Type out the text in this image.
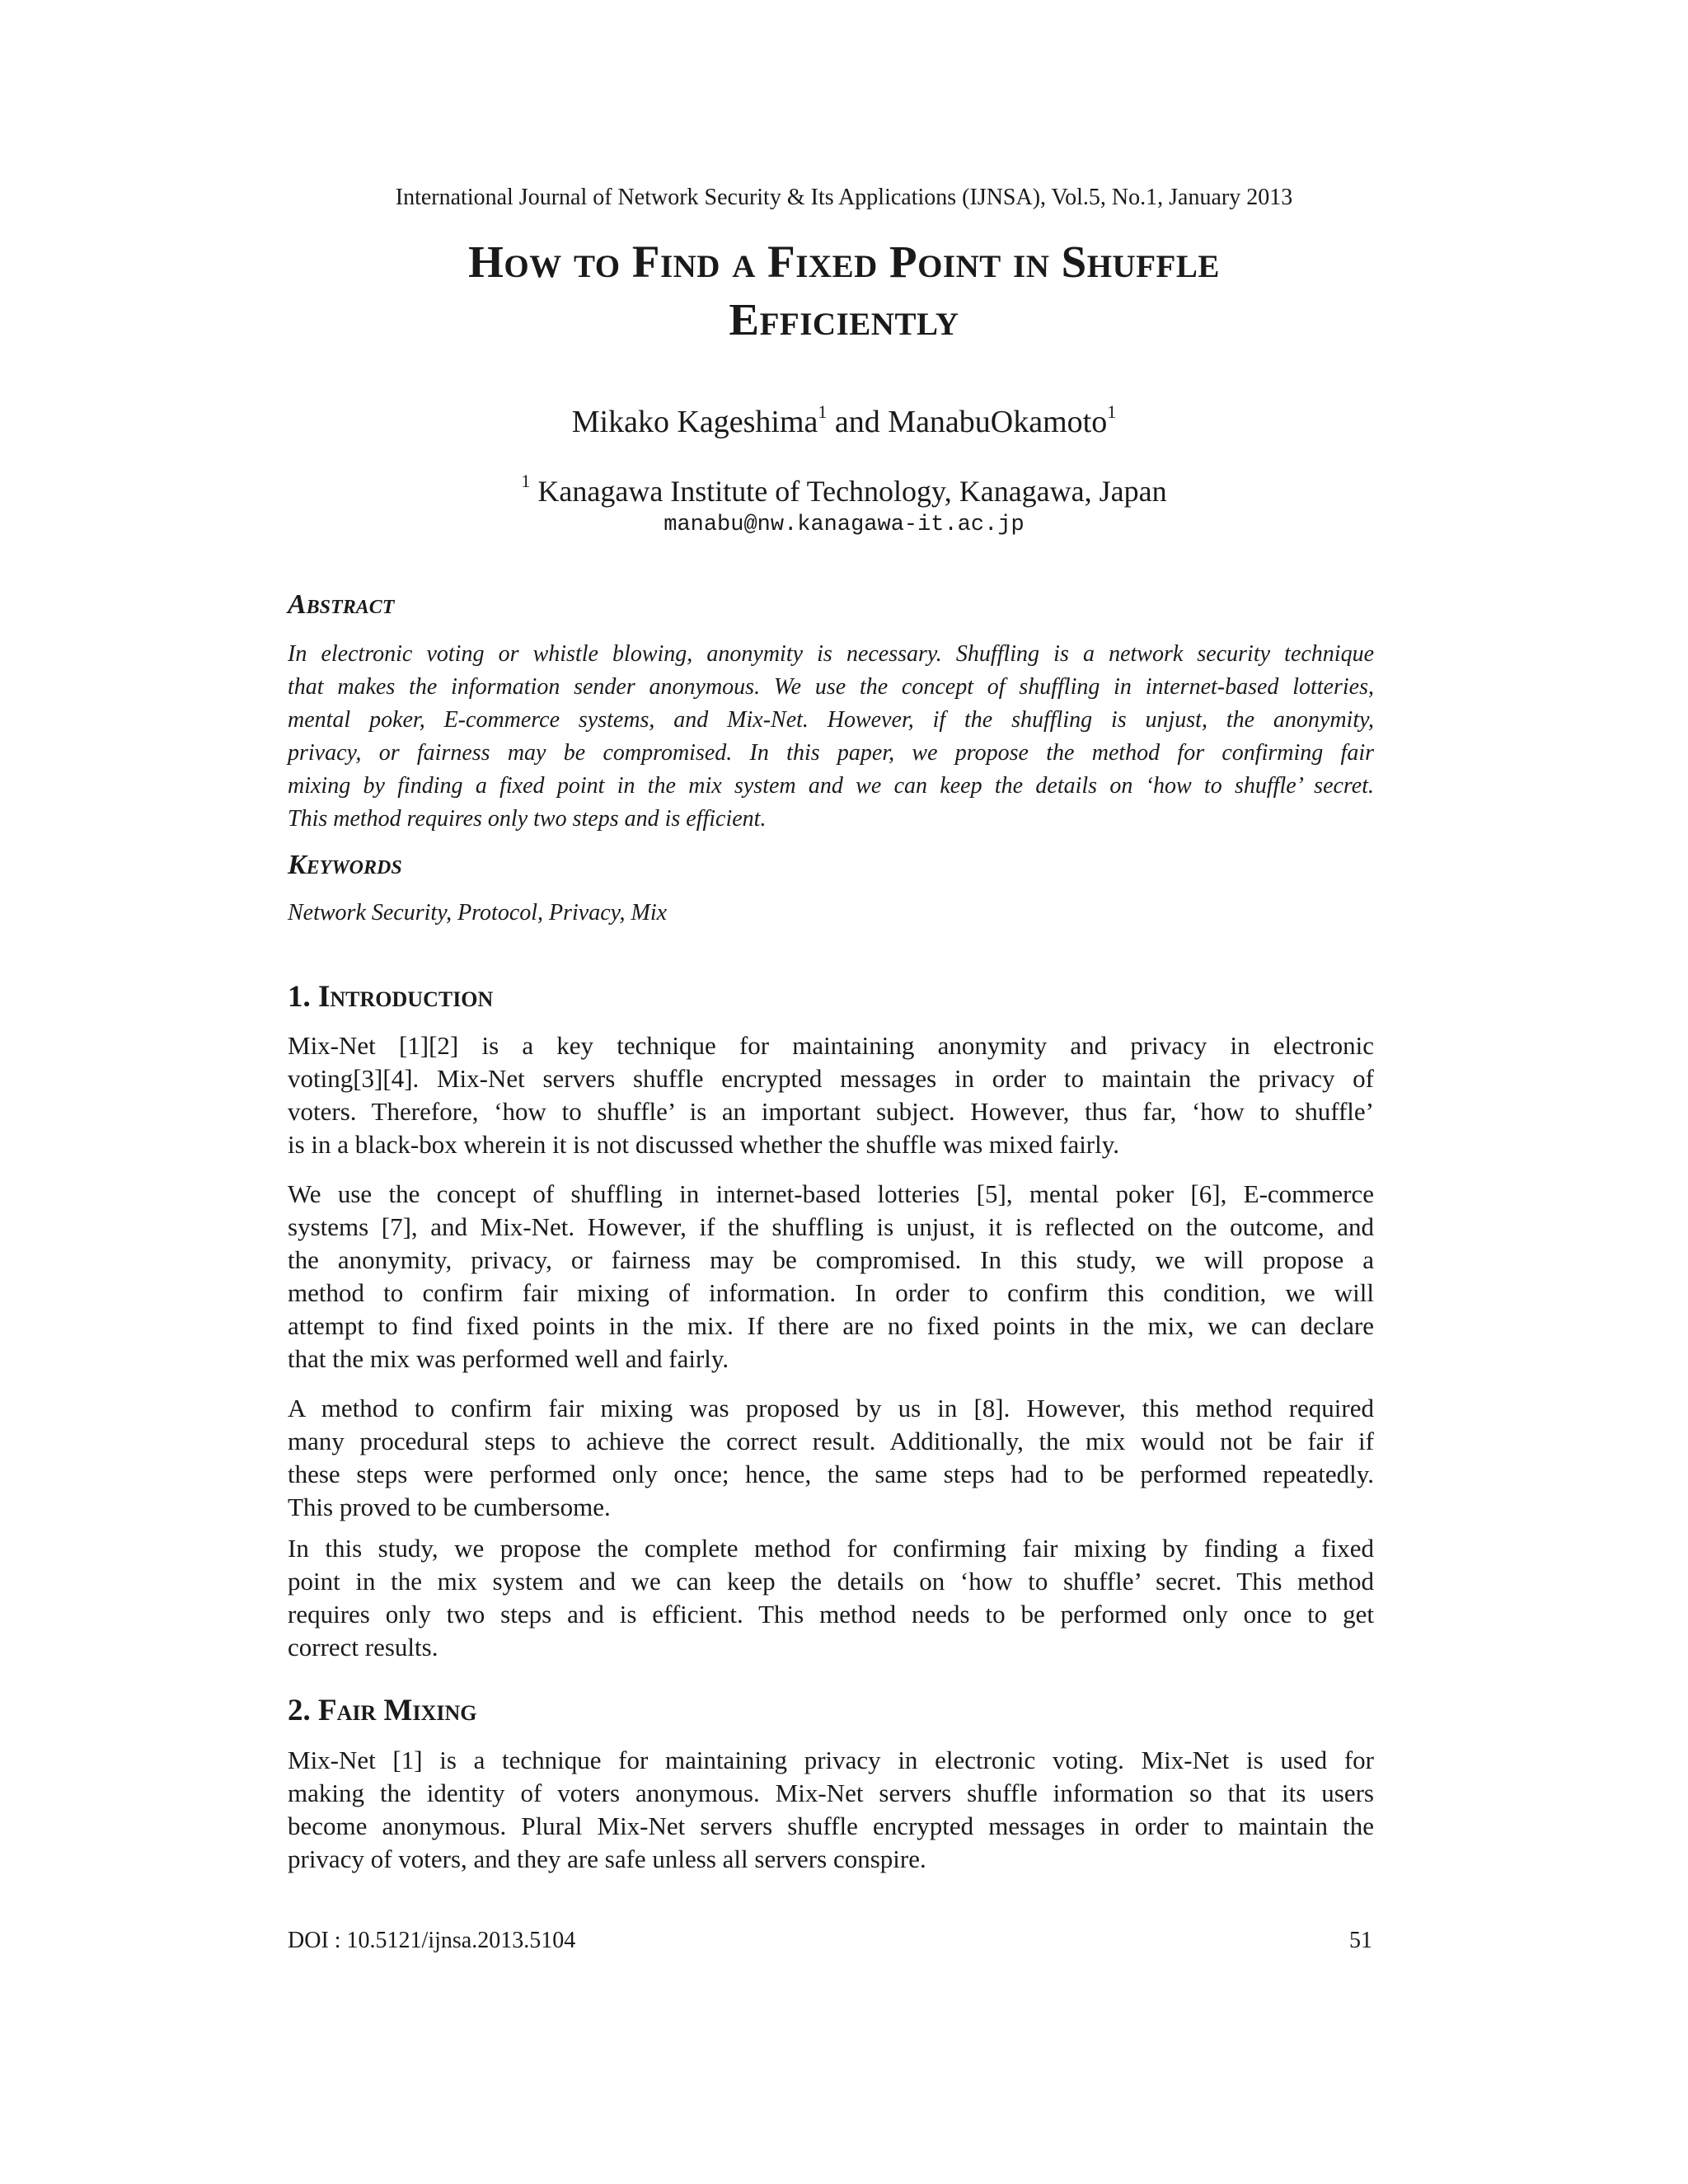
International Journal of Network Security & Its Applications (IJNSA), Vol.5, No.1, January 2013
How to Find a Fixed Point in Shuffle
Efficiently
Mikako Kageshima$^1$ and ManabuOkamoto$^1$
$^1$ Kanagawa Institute of Technology, Kanagawa, Japan
manabu@nw.kanagawa-it.ac.jp
Abstract
In electronic voting or whistle blowing, anonymity is necessary. Shuffling is a network security technique
that makes the information sender anonymous. We use the concept of shuffling in internet-based lotteries,
mental poker, E-commerce systems, and Mix-Net. However, if the shuffling is unjust, the anonymity,
privacy, or fairness may be compromised. In this paper, we propose the method for confirming fair
mixing by finding a fixed point in the mix system and we can keep the details on ‘how to shuffle’ secret.
This method requires only two steps and is efficient.
Keywords
Network Security, Protocol, Privacy, Mix
1. Introduction
Mix-Net [1][2] is a key technique for maintaining anonymity and privacy in electronic
voting[3][4]. Mix-Net servers shuffle encrypted messages in order to maintain the privacy of
voters. Therefore, ‘how to shuffle’ is an important subject. However, thus far, ‘how to shuffle’
is in a black-box wherein it is not discussed whether the shuffle was mixed fairly.
We use the concept of shuffling in internet-based lotteries [5], mental poker [6], E-commerce
systems [7], and Mix-Net. However, if the shuffling is unjust, it is reflected on the outcome, and
the anonymity, privacy, or fairness may be compromised. In this study, we will propose a
method to confirm fair mixing of information. In order to confirm this condition, we will
attempt to find fixed points in the mix. If there are no fixed points in the mix, we can declare
that the mix was performed well and fairly.
A method to confirm fair mixing was proposed by us in [8]. However, this method required
many procedural steps to achieve the correct result. Additionally, the mix would not be fair if
these steps were performed only once; hence, the same steps had to be performed repeatedly.
This proved to be cumbersome.
In this study, we propose the complete method for confirming fair mixing by finding a fixed
point in the mix system and we can keep the details on ‘how to shuffle’ secret. This method
requires only two steps and is efficient. This method needs to be performed only once to get
correct results.
2. Fair Mixing
Mix-Net [1] is a technique for maintaining privacy in electronic voting. Mix-Net is used for
making the identity of voters anonymous. Mix-Net servers shuffle information so that its users
become anonymous. Plural Mix-Net servers shuffle encrypted messages in order to maintain the
privacy of voters, and they are safe unless all servers conspire.
DOI : 10.5121/ijnsa.2013.5104	51
